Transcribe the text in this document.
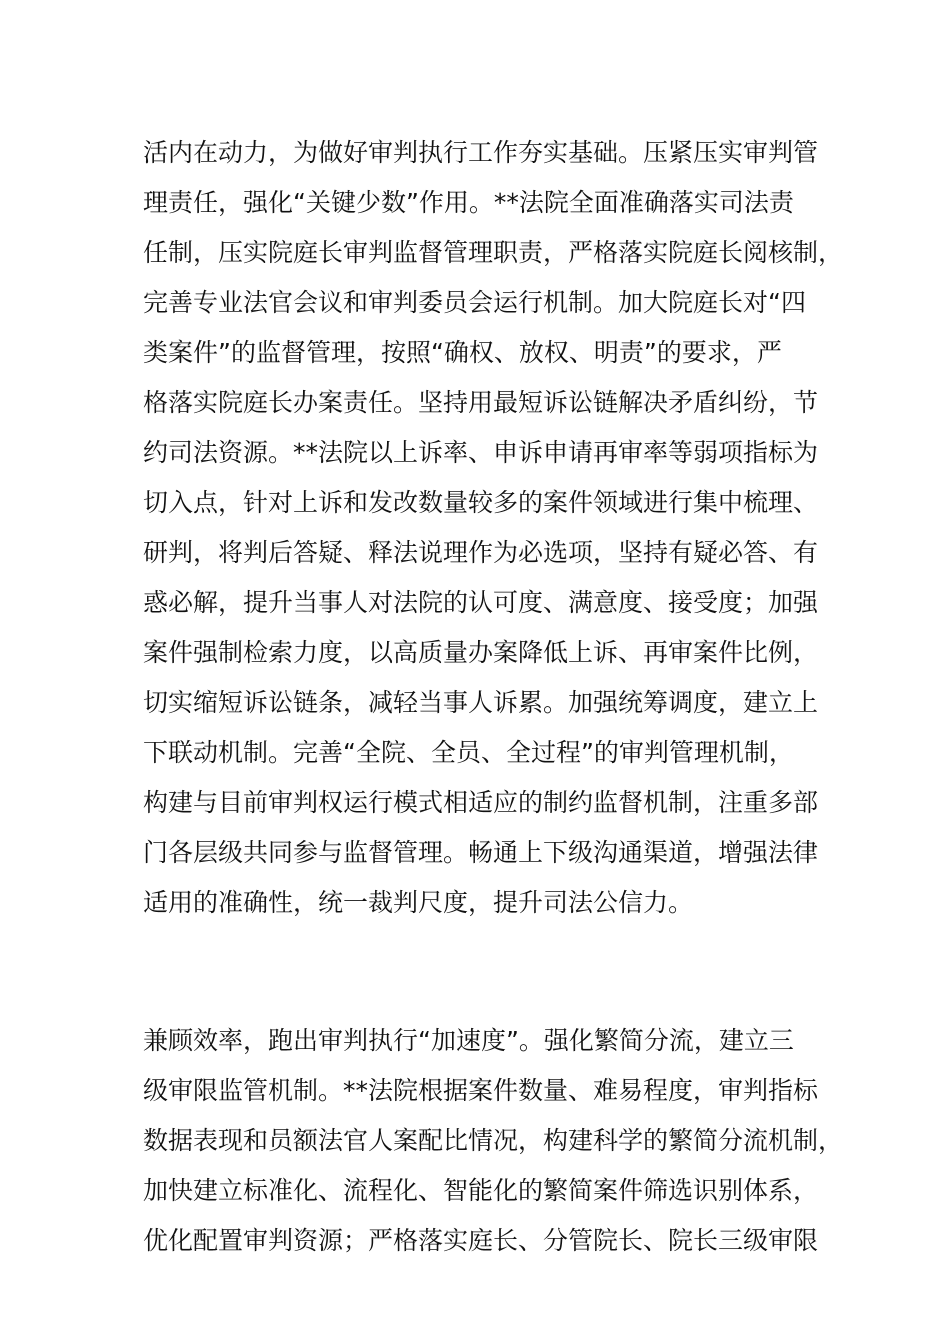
活内在动力，为做好审判执行工作夯实基础。压紧压实审判管
理责任，强化“关键少数”作用。**法院全面准确落实司法责
任制，压实院庭长审判监督管理职责，严格落实院庭长阅核制，
完善专业法官会议和审判委员会运行机制。加大院庭长对“四
类案件”的监督管理，按照“确权、放权、明责”的要求，严
格落实院庭长办案责任。坚持用最短诉讼链解决矛盾纠纷，节
约司法资源。**法院以上诉率、申诉申请再审率等弱项指标为
切入点，针对上诉和发改数量较多的案件领域进行集中梳理、
研判，将判后答疑、释法说理作为必选项，坚持有疑必答、有
惑必解，提升当事人对法院的认可度、满意度、接受度；加强
案件强制检索力度，以高质量办案降低上诉、再审案件比例，
切实缩短诉讼链条，减轻当事人诉累。加强统筹调度，建立上
下联动机制。完善“全院、全员、全过程”的审判管理机制，
构建与目前审判权运行模式相适应的制约监督机制，注重多部
门各层级共同参与监督管理。畅通上下级沟通渠道，增强法律
适用的准确性，统一裁判尺度，提升司法公信力。
兼顾效率，跑出审判执行“加速度”。强化繁简分流，建立三
级审限监管机制。**法院根据案件数量、难易程度，审判指标
数据表现和员额法官人案配比情况，构建科学的繁简分流机制，
加快建立标准化、流程化、智能化的繁简案件筛选识别体系，
优化配置审判资源；严格落实庭长、分管院长、院长三级审限
